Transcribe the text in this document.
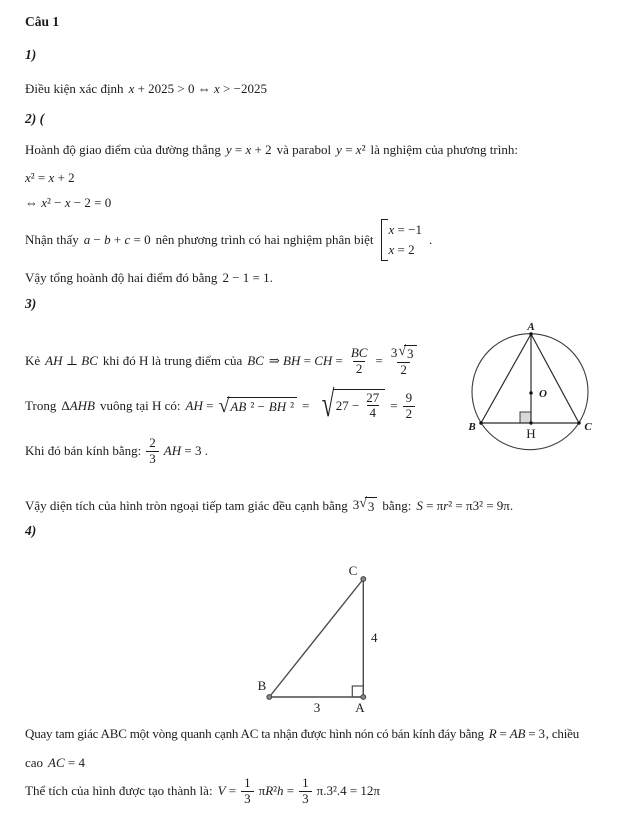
Câu 1
1)
Điều kiện xác định x + 2025 > 0 ⇔ x > −2025
2) (
Hoành độ giao điểm của đường thẳng y = x + 2 và parabol y = x² là nghiệm của phương trình:
x² = x + 2
⇔ x² − x − 2 = 0
Nhận thấy a − b + c = 0 nên phương trình có hai nghiệm phân biệt
x = −1
x = 2
.
Vậy tổng hoành độ hai điểm đó bằng 2 − 1 = 1.
3)
Kẻ AH ⊥ BC khi đó H là trung điểm của BC ⇒ BH = CH = $\frac{BC}{2} = \frac{3 √ 3}{2}$
Trong ΔAHB vuông tại H có: AH = √ AB ² − BH ² = √ $27 - \frac{27}{4} = \frac{9}{2}$
Khi đó bán kính bằng: $\frac{2}{3}$ AH = 3 .
A
B	C
O
H
Vậy diện tích của hình tròn ngoại tiếp tam giác đều cạnh bằng 3 √ 3 bằng: S = πr² = π3² = 9π.
4)
C
B
A
4
3
Quay tam giác ABC một vòng quanh cạnh AC ta nhận được hình nón có bán kính đáy bằng R = AB = 3 , chiều
cao AC = 4
Thể tích của hình được tạo thành là: $V = \frac{1}{3} \pi R^2h = \frac{1}{3} \pi.3^2.4 = 12\pi$
